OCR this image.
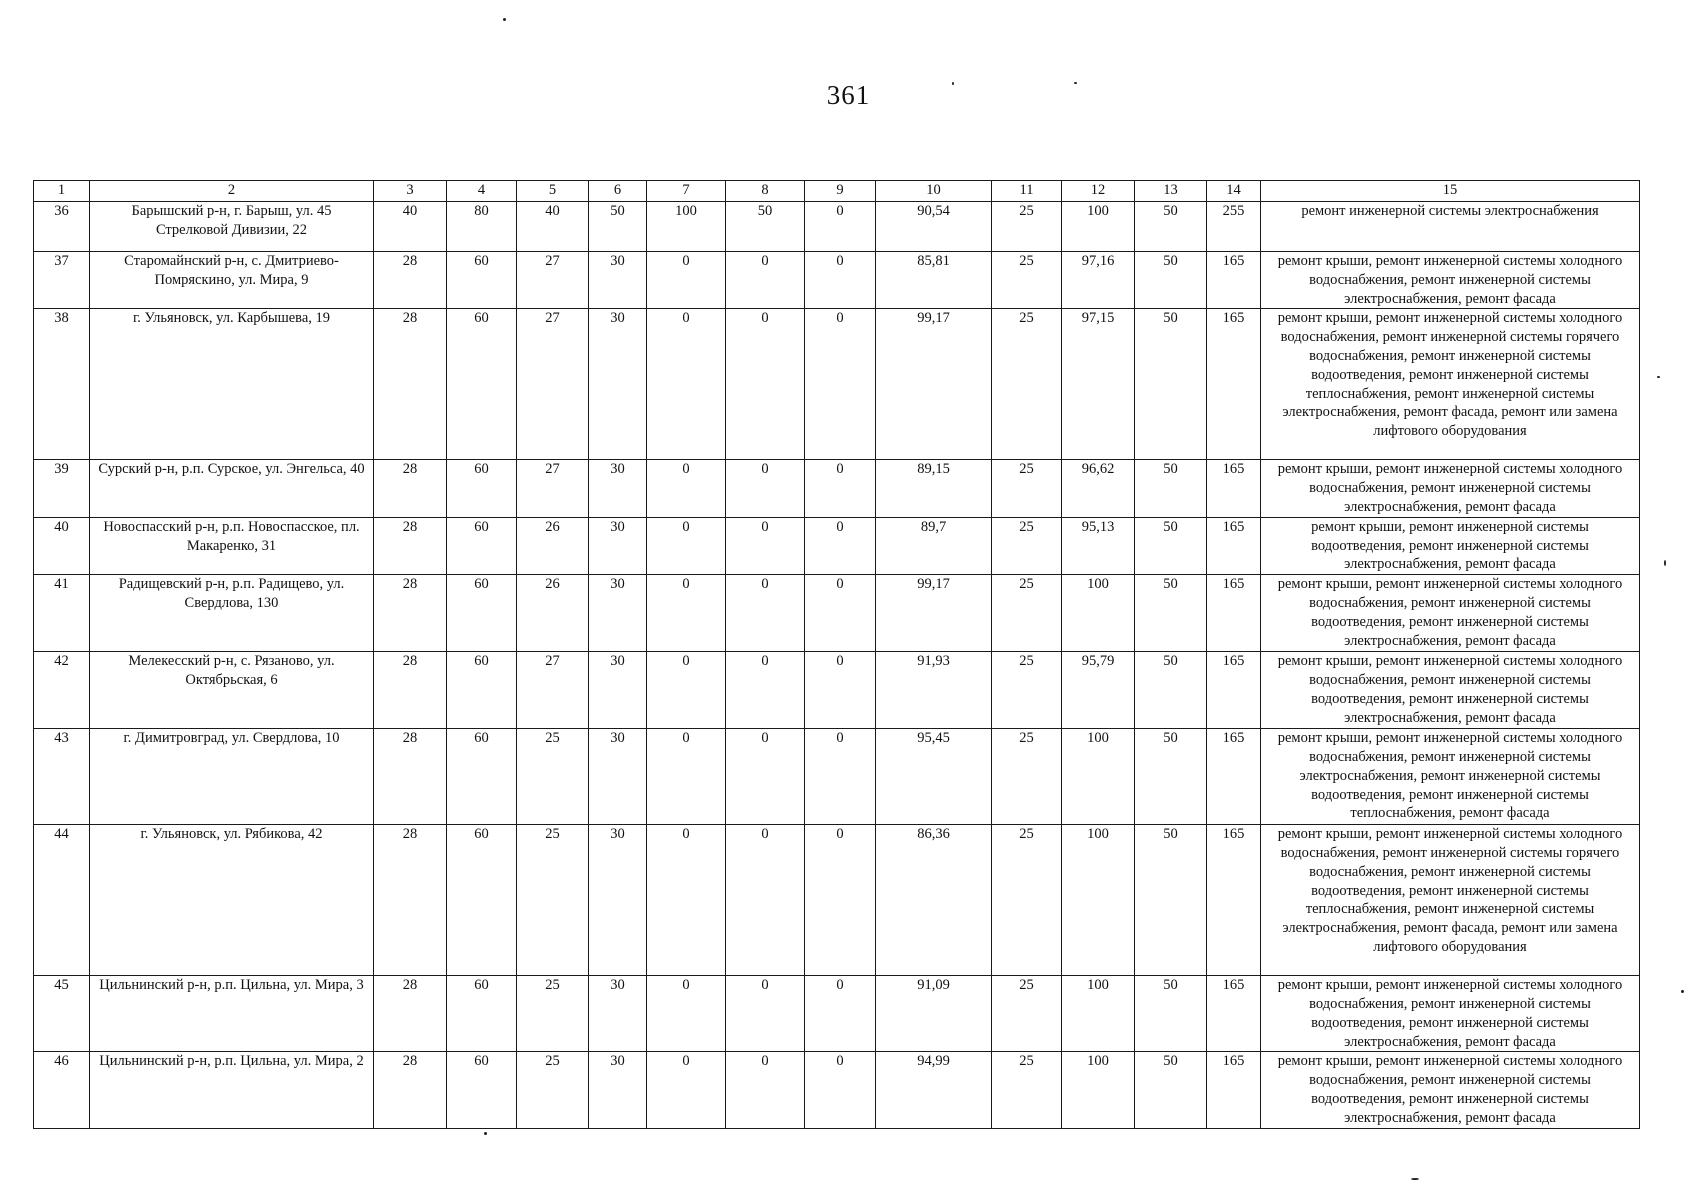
361
1	2	3	4	5	6	7	8	9	10	11	12	13	14	15
36	Барышский р-н, г. Барыш, ул. 45 Стрелковой Дивизии, 22	40	80	40	50	100	50	0	90,54	25	100	50	255	ремонт инженерной системы электроснабжения
37	Старомайнский р-н, с. Дмитриево-Помряскино, ул. Мира, 9	28	60	27	30	0	0	0	85,81	25	97,16	50	165	ремонт крыши, ремонт инженерной системы холодного водоснабжения, ремонт инженерной системы электроснабжения, ремонт фасада
38	г. Ульяновск, ул. Карбышева, 19	28	60	27	30	0	0	0	99,17	25	97,15	50	165	ремонт крыши, ремонт инженерной системы холодного водоснабжения, ремонт инженерной системы горячего водоснабжения, ремонт инженерной системы водоотведения, ремонт инженерной системы теплоснабжения, ремонт инженерной системы электроснабжения, ремонт фасада, ремонт или замена лифтового оборудования
39	Сурский р-н, р.п. Сурское, ул. Энгельса, 40	28	60	27	30	0	0	0	89,15	25	96,62	50	165	ремонт крыши, ремонт инженерной системы холодного водоснабжения, ремонт инженерной системы электроснабжения, ремонт фасада
40	Новоспасский р-н, р.п. Новоспасское, пл. Макаренко, 31	28	60	26	30	0	0	0	89,7	25	95,13	50	165	ремонт крыши, ремонт инженерной системы водоотведения, ремонт инженерной системы электроснабжения, ремонт фасада
41	Радищевский р-н, р.п. Радищево, ул. Свердлова, 130	28	60	26	30	0	0	0	99,17	25	100	50	165	ремонт крыши, ремонт инженерной системы холодного водоснабжения, ремонт инженерной системы водоотведения, ремонт инженерной системы электроснабжения, ремонт фасада
42	Мелекесский р-н, с. Рязаново, ул. Октябрьская, 6	28	60	27	30	0	0	0	91,93	25	95,79	50	165	ремонт крыши, ремонт инженерной системы холодного водоснабжения, ремонт инженерной системы водоотведения, ремонт инженерной системы электроснабжения, ремонт фасада
43	г. Димитровград, ул. Свердлова, 10	28	60	25	30	0	0	0	95,45	25	100	50	165	ремонт крыши, ремонт инженерной системы холодного водоснабжения, ремонт инженерной системы электроснабжения, ремонт инженерной системы водоотведения, ремонт инженерной системы теплоснабжения, ремонт фасада
44	г. Ульяновск, ул. Рябикова, 42	28	60	25	30	0	0	0	86,36	25	100	50	165	ремонт крыши, ремонт инженерной системы холодного водоснабжения, ремонт инженерной системы горячего водоснабжения, ремонт инженерной системы водоотведения, ремонт инженерной системы теплоснабжения, ремонт инженерной системы электроснабжения, ремонт фасада, ремонт или замена лифтового оборудования
45	Цильнинский р-н, р.п. Цильна, ул. Мира, 3	28	60	25	30	0	0	0	91,09	25	100	50	165	ремонт крыши, ремонт инженерной системы холодного водоснабжения, ремонт инженерной системы водоотведения, ремонт инженерной системы электроснабжения, ремонт фасада
46	Цильнинский р-н, р.п. Цильна, ул. Мира, 2	28	60	25	30	0	0	0	94,99	25	100	50	165	ремонт крыши, ремонт инженерной системы холодного водоснабжения, ремонт инженерной системы водоотведения, ремонт инженерной системы электроснабжения, ремонт фасада
